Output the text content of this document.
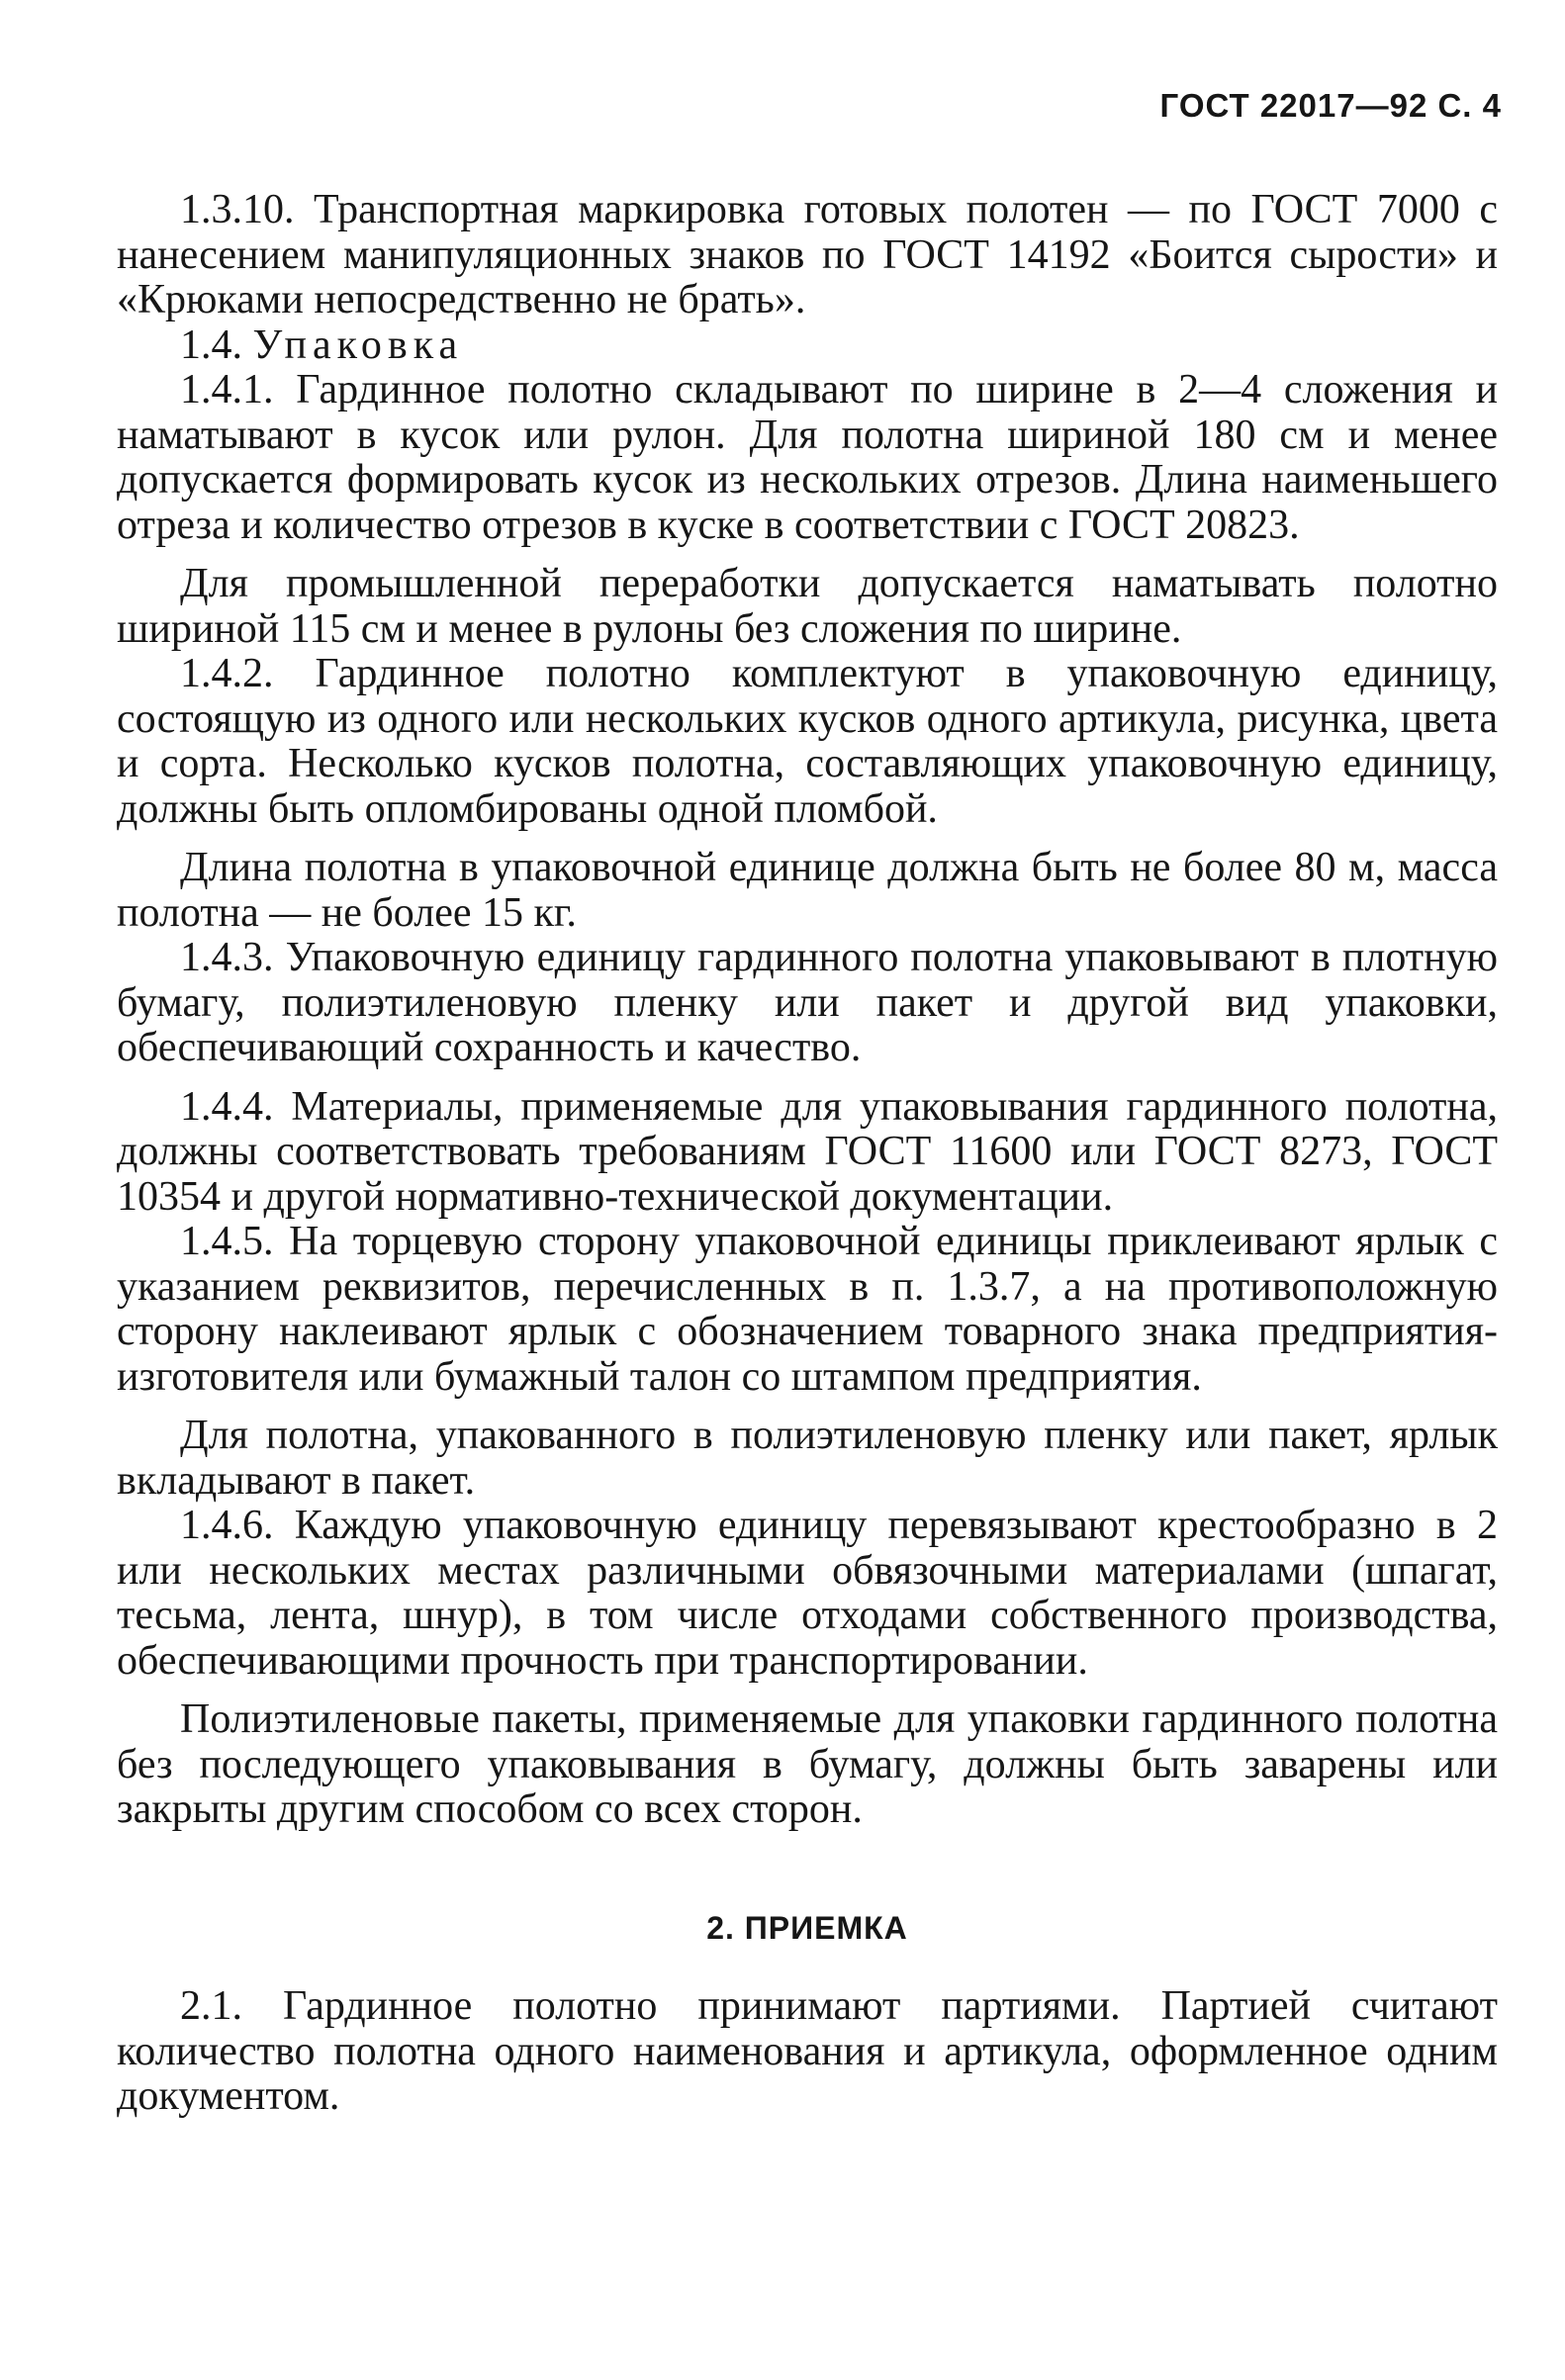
ГОСТ 22017—92 С. 4

1.3.10. Транспортная маркировка готовых полотен — по ГОСТ 7000 с нанесением манипуляционных знаков по ГОСТ 14192 «Боится сырости» и «Крюками непосредственно не брать».

1.4. Упаковка

1.4.1. Гардинное полотно складывают по ширине в 2—4 сложения и наматывают в кусок или рулон. Для полотна шириной 180 см и менее допускается формировать кусок из нескольких отрезов. Длина наименьшего отреза и количество отрезов в куске в соответствии с ГОСТ 20823.

Для промышленной переработки допускается наматывать полотно шириной 115 см и менее в рулоны без сложения по ширине.

1.4.2. Гардинное полотно комплектуют в упаковочную единицу, состоящую из одного или нескольких кусков одного артикула, рисунка, цвета и сорта. Несколько кусков полотна, составляющих упаковочную единицу, должны быть опломбированы одной пломбой.

Длина полотна в упаковочной единице должна быть не более 80 м, масса полотна — не более 15 кг.

1.4.3. Упаковочную единицу гардинного полотна упаковывают в плотную бумагу, полиэтиленовую пленку или пакет и другой вид упаковки, обеспечивающий сохранность и качество.

1.4.4. Материалы, применяемые для упаковывания гардинного полотна, должны соответствовать требованиям ГОСТ 11600 или ГОСТ 8273, ГОСТ 10354 и другой нормативно-технической документации.

1.4.5. На торцевую сторону упаковочной единицы приклеивают ярлык с указанием реквизитов, перечисленных в п. 1.3.7, а на противоположную сторону наклеивают ярлык с обозначением товарного знака предприятия-изготовителя или бумажный талон со штампом предприятия.

Для полотна, упакованного в полиэтиленовую пленку или пакет, ярлык вкладывают в пакет.

1.4.6. Каждую упаковочную единицу перевязывают крестообразно в 2 или нескольких местах различными обвязочными материалами (шпагат, тесьма, лента, шнур), в том числе отходами собственного производства, обеспечивающими прочность при транспортировании.

Полиэтиленовые пакеты, применяемые для упаковки гардинного полотна без последующего упаковывания в бумагу, должны быть заварены или закрыты другим способом со всех сторон.

2. ПРИЕМКА

2.1. Гардинное полотно принимают партиями. Партией считают количество полотна одного наименования и артикула, оформленное одним документом.
